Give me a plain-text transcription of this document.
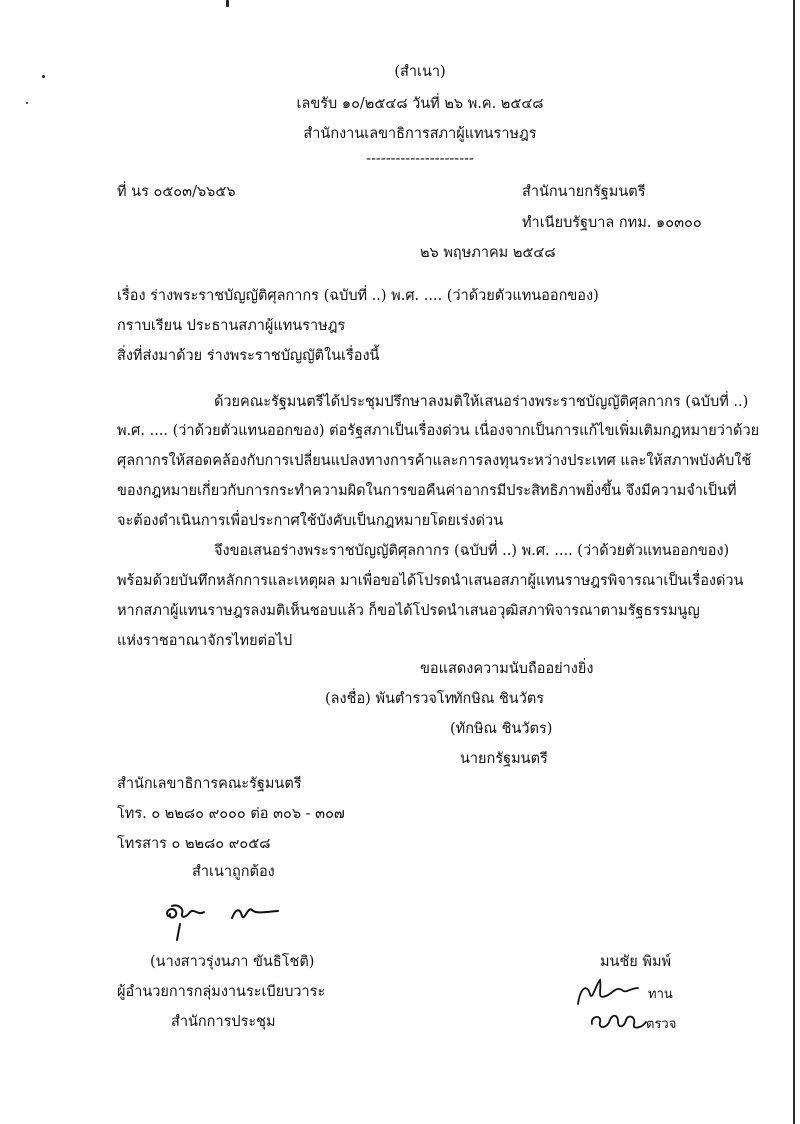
(สำเนา)
เลขรับ ๑๐/๒๕๔๘ วันที่ ๒๖ พ.ค. ๒๕๔๘
สำนักงานเลขาธิการสภาผู้แทนราษฎร
----------------------
ที่ นร ๐๕๐๓/๖๖๕๖	สำนักนายกรัฐมนตรี
ทำเนียบรัฐบาล กทม. ๑๐๓๐๐
๒๖ พฤษภาคม ๒๕๔๘
เรื่อง ร่างพระราชบัญญัติศุลกากร (ฉบับที่ ..) พ.ศ. .... (ว่าด้วยตัวแทนออกของ)
กราบเรียน ประธานสภาผู้แทนราษฎร
สิ่งที่ส่งมาด้วย ร่างพระราชบัญญัติในเรื่องนี้
ด้วยคณะรัฐมนตรีได้ประชุมปรึกษาลงมติให้เสนอร่างพระราชบัญญัติศุลกากร (ฉบับที่ ..)
พ.ศ. .... (ว่าด้วยตัวแทนออกของ) ต่อรัฐสภาเป็นเรื่องด่วน เนื่องจากเป็นการแก้ไขเพิ่มเติมกฎหมายว่าด้วย
ศุลกากรให้สอดคล้องกับการเปลี่ยนแปลงทางการค้าและการลงทุนระหว่างประเทศ และให้สภาพบังคับใช้
ของกฎหมายเกี่ยวกับการกระทำความผิดในการขอคืนค่าอากรมีประสิทธิภาพยิ่งขึ้น จึงมีความจำเป็นที่
จะต้องดำเนินการเพื่อประกาศใช้บังคับเป็นกฎหมายโดยเร่งด่วน
จึงขอเสนอร่างพระราชบัญญัติศุลกากร (ฉบับที่ ..) พ.ศ. .... (ว่าด้วยตัวแทนออกของ)
พร้อมด้วยบันทึกหลักการและเหตุผล มาเพื่อขอได้โปรดนำเสนอสภาผู้แทนราษฎรพิจารณาเป็นเรื่องด่วน
หากสภาผู้แทนราษฎรลงมติเห็นชอบแล้ว ก็ขอได้โปรดนำเสนอวุฒิสภาพิจารณาตามรัฐธรรมนูญ
แห่งราชอาณาจักรไทยต่อไป
ขอแสดงความนับถืออย่างยิ่ง
(ลงชื่อ) พันตำรวจโท
ทักษิณ ชินวัตร
(ทักษิณ ชินวัตร)
นายกรัฐมนตรี
สำนักเลขาธิการคณะรัฐมนตรี
โทร. ๐ ๒๒๘๐ ๙๐๐๐ ต่อ ๓๐๖ - ๓๐๗
โทรสาร ๐ ๒๒๘๐ ๙๐๕๘
สำเนาถูกต้อง
(นางสาวรุ่งนภา ขันธิโชติ)
ผู้อำนวยการกลุ่มงานระเบียบวาระ
สำนักการประชุม
มนชัย พิมพ์
ทาน
ตรวจ
